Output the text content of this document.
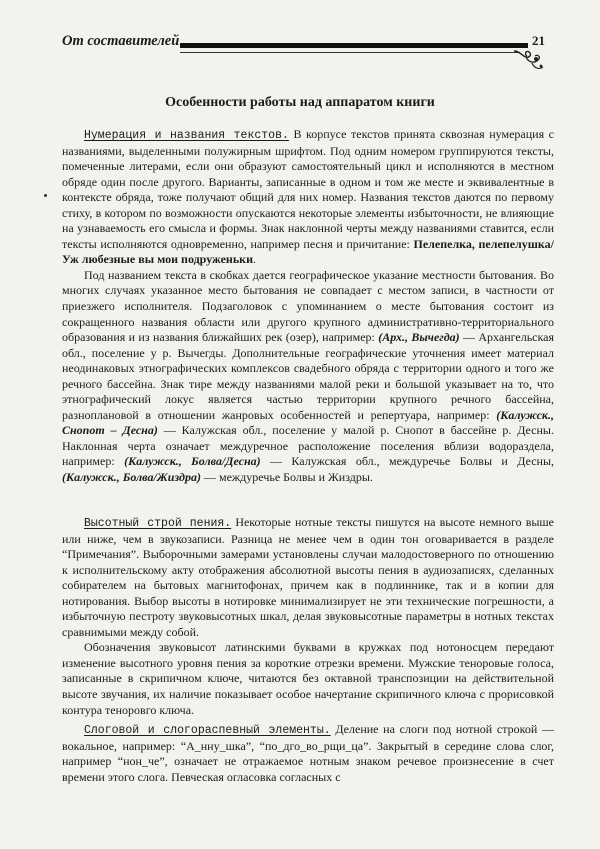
От составителей	21
Особенности работы над аппаратом книги

Нумерация и названия текстов. В корпусе текстов принята сквозная нумерация с названиями, выделенными полужирным шрифтом. Под одним номером группируются тексты, помеченные литерами, если они образуют самостоятельный цикл и исполняются в местном обряде один после другого. Варианты, записанные в одном и том же месте и эквивалентные в контексте обряда, тоже получают общий для них номер. Названия текстов даются по первому стиху, в котором по возможности опускаются некоторые элементы избыточности, не влияющие на узнаваемость его смысла и формы. Знак наклонной черты между названиями ставится, если тексты исполняются одновременно, например песня и причитание: Пелепелка, пелепелушка/Уж любезные вы мои подруженьки.

Под названием текста в скобках дается географическое указание местности бытования. Во многих случаях указанное место бытования не совпадает с местом записи, в частности от приезжего исполнителя. Подзаголовок с упоминанием о месте бытования состоит из сокращенного названия области или другого крупного административно-территориального образования и из названия ближайших рек (озер), например: (Арх., Вычегда) — Архангельская обл., поселение у р. Вычегды. Дополнительные географические уточнения имеет материал неодинаковых этнографических комплексов свадебного обряда с территории одного и того же речного бассейна. Знак тире между названиями малой реки и большой указывает на то, что этнографический локус является частью территории крупного речного бассейна, разноплановой в отношении жанровых особенностей и репертуара, например: (Калужск., Снопот – Десна) — Калужская обл., поселение у малой р. Снопот в бассейне р. Десны. Наклонная черта означает междуречное расположение поселения вблизи водораздела, например: (Калужск., Болва/Десна) — Калужская обл., междуречье Болвы и Десны, (Калужск., Болва/Жиздра) — междуречье Болвы и Жиздры.

Высотный строй пения. Некоторые нотные тексты пишутся на высоте немного выше или ниже, чем в звукозаписи. Разница не менее чем в один тон оговаривается в разделе “Примечания”. Выборочными замерами установлены случаи малодостоверного по отношению к исполнительскому акту отображения абсолютной высоты пения в аудиозаписях, сделанных собирателем на бытовых магнитофонах, причем как в подлиннике, так и в копии для нотирования. Выбор высоты в нотировке минимализирует не эти технические погрешности, а избыточную пестроту звуковысотных шкал, делая звуковысотные параметры в нотных текстах сравнимыми между собой.

Обозначения звуковысот латинскими буквами в кружках под нотоносцем передают изменение высотного уровня пения за короткие отрезки времени. Мужские теноровые голоса, записанные в скрипичном ключе, читаются без октавной транспозиции на действительной высоте звучания, их наличие показывает особое начертание скрипичного ключа с прорисовкой контура теноровго ключа.

Слоговой и слогораспевный элементы. Деление на слоги под нотной строкой — вокальное, например: “А_нну_шка”, “по_дго_во_рщи_ца”. Закрытый в середине слова слог, например “нон_че”, означает не отражаемое нотным знаком речевое произнесение в счет времени этого слога. Певческая огласовка согласных с
